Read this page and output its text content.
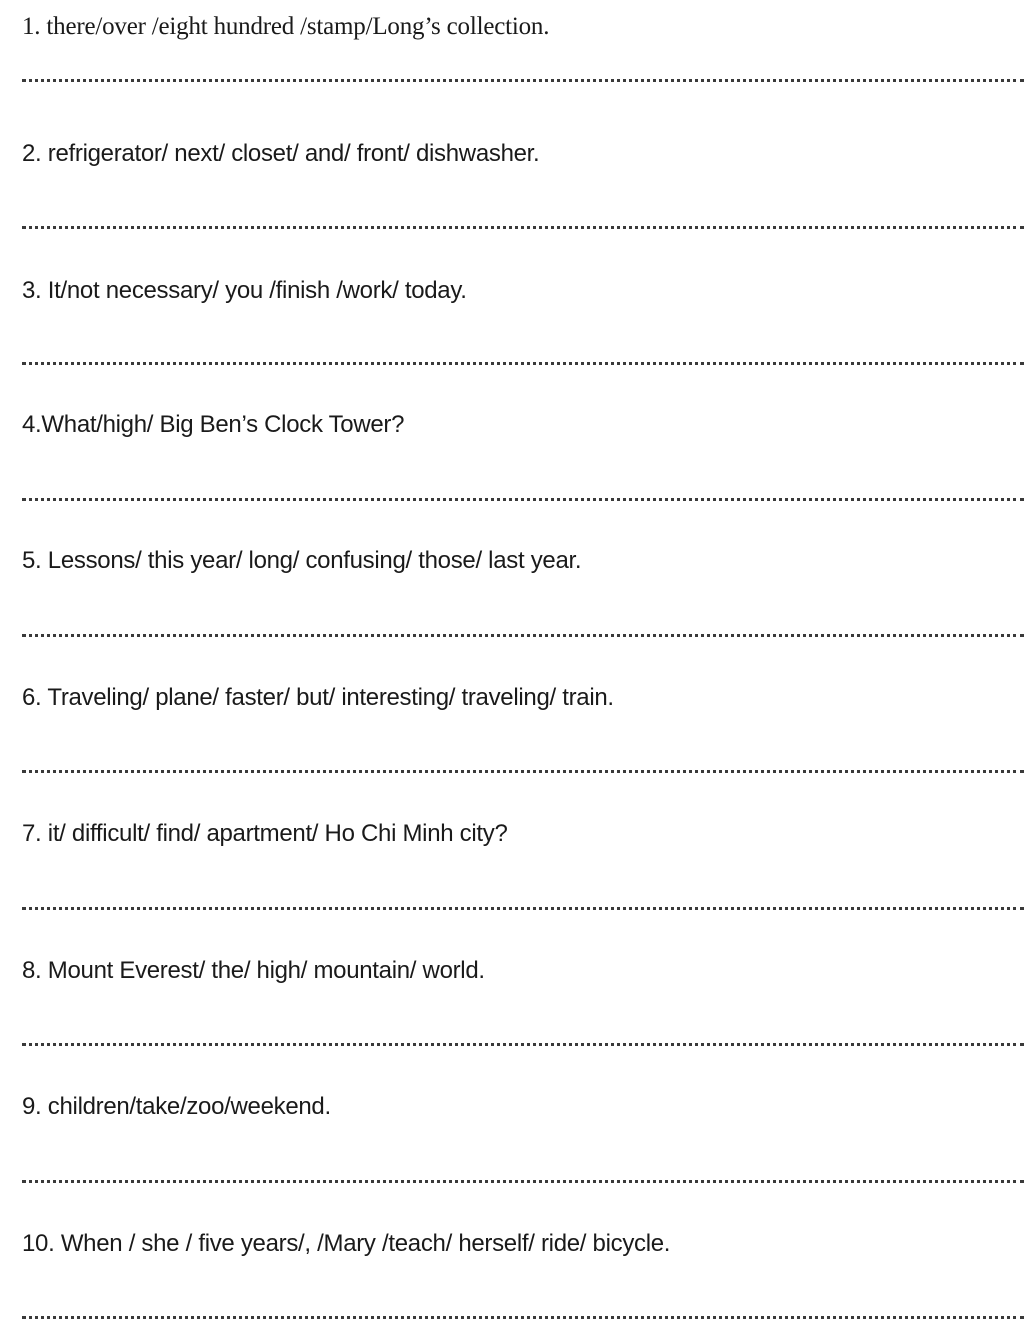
1. there/over /eight hundred /stamp/Long’s collection.

2. refrigerator/ next/ closet/ and/ front/ dishwasher.

3. It/not necessary/ you /finish /work/ today.

4.What/high/ Big Ben’s Clock Tower?

5. Lessons/ this year/ long/ confusing/ those/ last year.

6. Traveling/ plane/ faster/ but/ interesting/ traveling/ train.

7. it/ difficult/ find/ apartment/ Ho Chi Minh city?

8. Mount Everest/ the/ high/ mountain/ world.

9. children/take/zoo/weekend.

10. When / she / five years/, /Mary /teach/ herself/ ride/ bicycle.
